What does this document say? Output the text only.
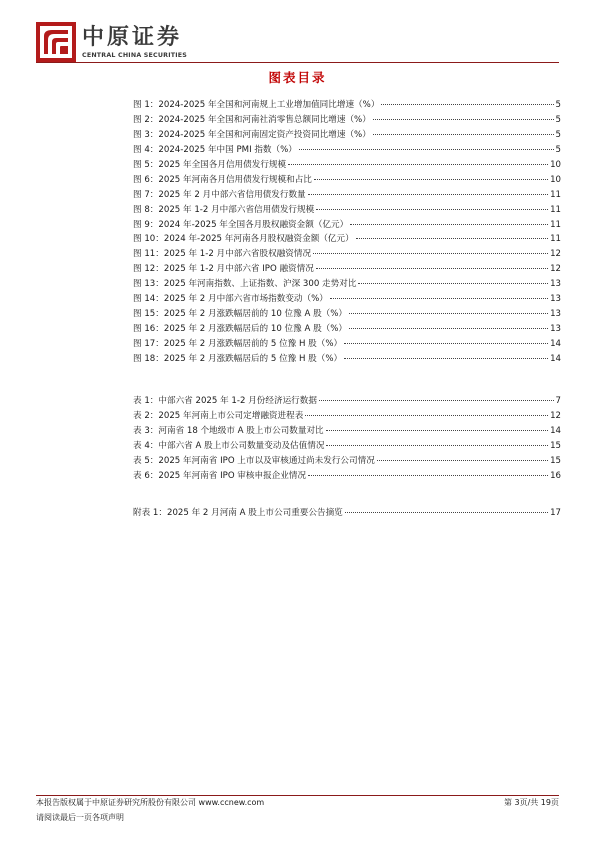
中原证券
CENTRAL CHINA SECURITIES
图表目录
图 1：2024-2025 年全国和河南规上工业增加值同比增速（%）	5
图 2：2024-2025 年全国和河南社消零售总额同比增速（%）	5
图 3：2024-2025 年全国和河南固定资产投资同比增速（%）	5
图 4：2024-2025 年中国 PMI 指数（%）	5
图 5：2025 年全国各月信用债发行规模	10
图 6：2025 年河南各月信用债发行规模和占比	10
图 7：2025 年 2 月中部六省信用债发行数量	11
图 8：2025 年 1-2 月中部六省信用债发行规模	11
图 9：2024 年-2025 年全国各月股权融资金额（亿元）	11
图 10：2024 年-2025 年河南各月股权融资金额（亿元）	11
图 11：2025 年 1-2 月中部六省股权融资情况	12
图 12：2025 年 1-2 月中部六省 IPO 融资情况	12
图 13：2025 年河南指数、上证指数、沪深 300 走势对比	13
图 14：2025 年 2 月中部六省市场指数变动（%）	13
图 15：2025 年 2 月涨跌幅居前的 10 位豫 A 股（%）	13
图 16：2025 年 2 月涨跌幅居后的 10 位豫 A 股（%）	13
图 17：2025 年 2 月涨跌幅居前的 5 位豫 H 股（%）	14
图 18：2025 年 2 月涨跌幅居后的 5 位豫 H 股（%）	14
表 1：中部六省 2025 年 1-2 月份经济运行数据	7
表 2：2025 年河南上市公司定增融资进程表	12
表 3：河南省 18 个地级市 A 股上市公司数量对比	14
表 4：中部六省 A 股上市公司数量变动及估值情况	15
表 5：2025 年河南省 IPO 上市以及审核通过尚未发行公司情况	15
表 6：2025 年河南省 IPO 审核申报企业情况	16
附表 1：2025 年 2 月河南 A 股上市公司重要公告摘览	17
本报告版权属于中原证券研究所股份有限公司 www.ccnew.com
请阅读最后一页各项声明
第 3页/共 19页
